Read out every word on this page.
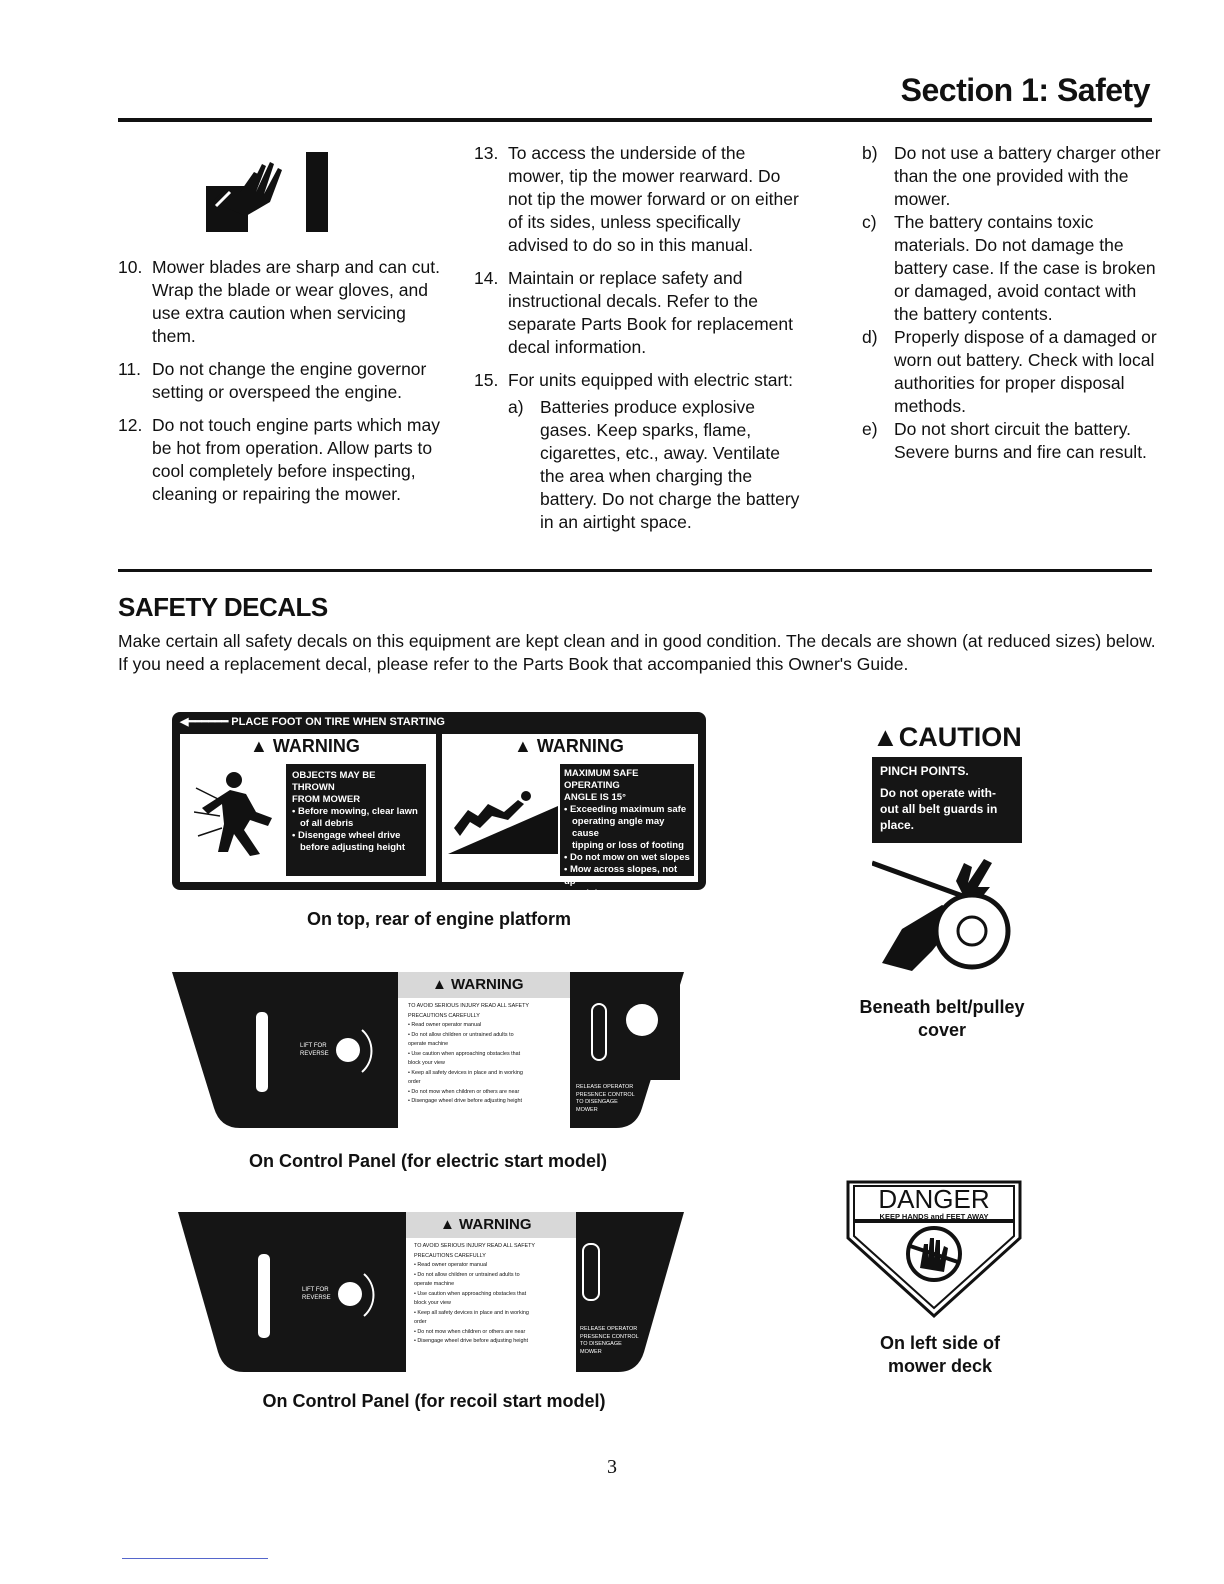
Section 1: Safety
10. Mower blades are sharp and can cut. Wrap the blade or wear gloves, and use extra caution when servicing them.
11. Do not change the engine governor setting or overspeed the engine.
12. Do not touch engine parts which may be hot from operation. Allow parts to cool completely before inspecting, cleaning or repairing the mower.
13. To access the underside of the mower, tip the mower rearward. Do not tip the mower forward or on either of its sides, unless specifically advised to do so in this manual.
14. Maintain or replace safety and instructional decals. Refer to the separate Parts Book for replacement decal information.
15. For units equipped with electric start:
a) Batteries produce explosive gases. Keep sparks, flame, cigarettes, etc., away. Ventilate the area when charging the battery. Do not charge the battery in an airtight space.
b) Do not use a battery charger other than the one provided with the mower.
c) The battery contains toxic materials. Do not damage the battery case. If the case is broken or damaged, avoid contact with the battery contents.
d) Properly dispose of a damaged or worn out battery. Check with local authorities for proper disposal methods.
e) Do not short circuit the battery. Severe burns and fire can result.
SAFETY DECALS
Make certain all safety decals on this equipment are kept clean and in good condition. The decals are shown (at reduced sizes) below. If you need a replacement decal, please refer to the Parts Book that accompanied this Owner's Guide.
◀━━━━━━ PLACE FOOT ON TIRE WHEN STARTING
▲ WARNING
OBJECTS MAY BE THROWN
FROM MOWER
• Before mowing, clear lawn
of all debris
• Disengage wheel drive
before adjusting height
▲ WARNING
MAXIMUM SAFE OPERATING
ANGLE IS 15°
• Exceeding maximum safe
operating angle may cause
tipping or loss of footing
• Do not mow on wet slopes
• Mow across slopes, not up
and down
On top, rear of engine platform
▲CAUTION
PINCH POINTS.
Do not operate with-
out all belt guards in
place.
Beneath belt/pulley cover
▲ WARNING
TO AVOID SERIOUS INJURY READ ALL SAFETY
PRECAUTIONS CAREFULLY
• Read owner operator manual
• Do not allow children or untrained adults to
operate machine
• Use caution when approaching obstacles that
block your view
• Keep all safety devices in place and in working
order
• Do not mow when children or others are near
• Disengage wheel drive before adjusting height
LIFT FOR
REVERSE
RELEASE OPERATOR
PRESENCE CONTROL
TO DISENGAGE
MOWER
On Control Panel (for electric start model)
▲ WARNING
TO AVOID SERIOUS INJURY READ ALL SAFETY
PRECAUTIONS CAREFULLY
• Read owner operator manual
• Do not allow children or untrained adults to
operate machine
• Use caution when approaching obstacles that
block your view
• Keep all safety devices in place and in working
order
• Do not mow when children or others are near
• Disengage wheel drive before adjusting height
LIFT FOR
REVERSE
RELEASE OPERATOR
PRESENCE CONTROL
TO DISENGAGE
MOWER
On Control Panel (for recoil start model)
DANGER
KEEP HANDS and FEET AWAY
On left side of mower deck
3
